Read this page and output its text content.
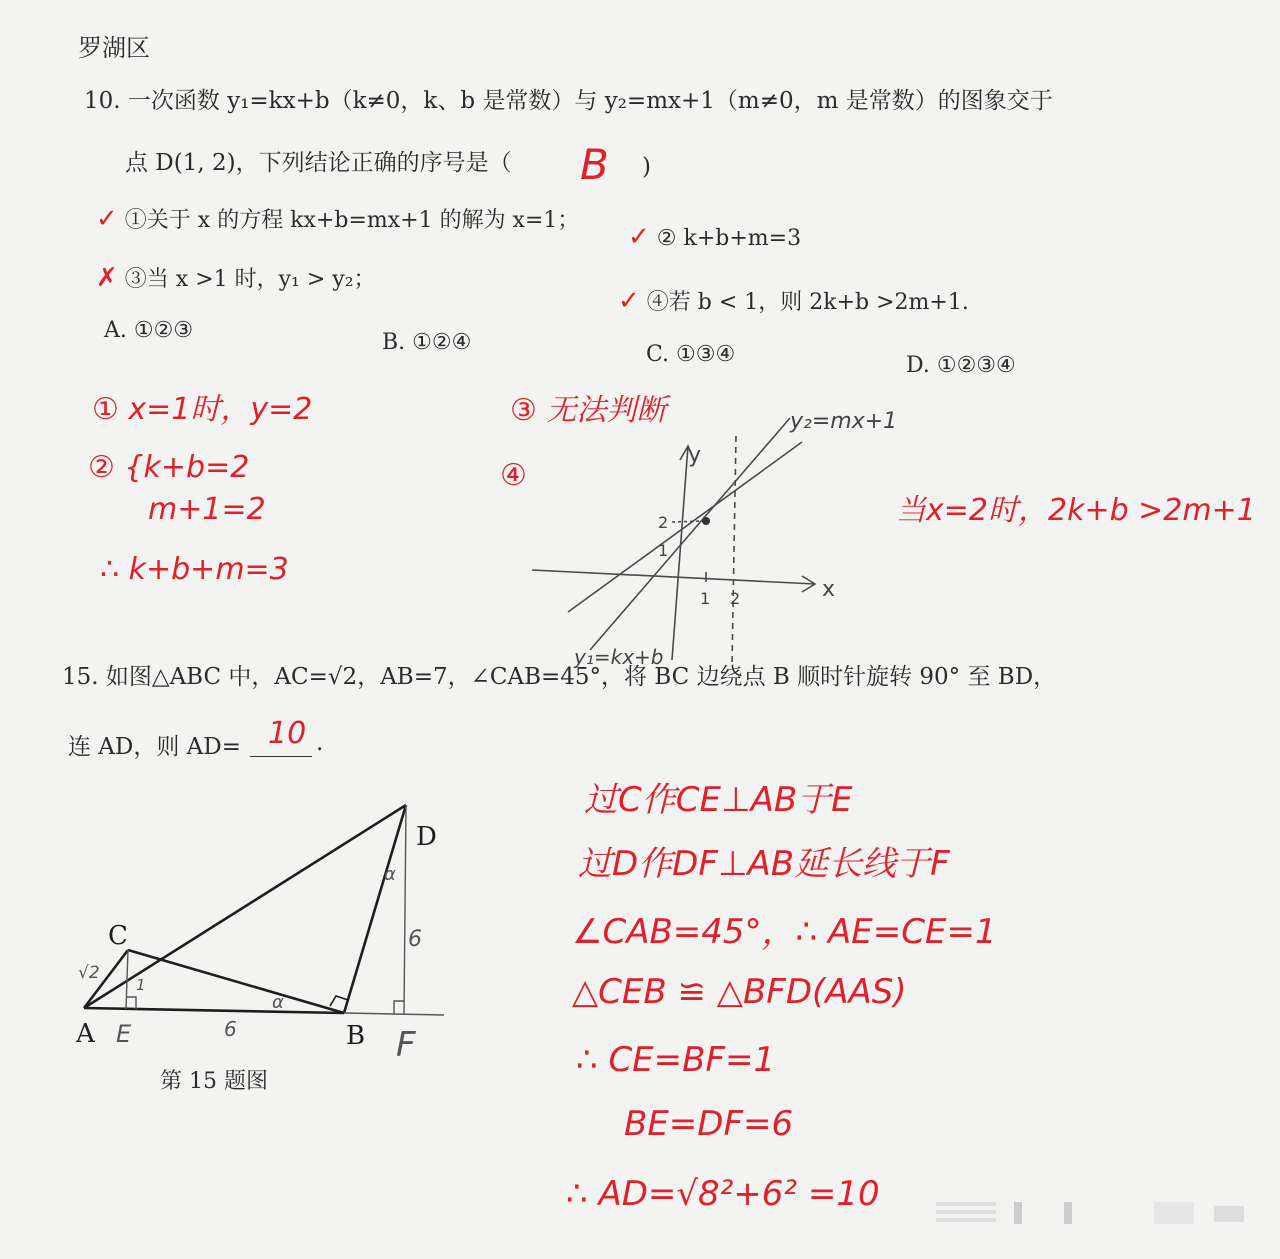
罗湖区
10. 一次函数 y₁=kx+b（k≠0，k、b 是常数）与 y₂=mx+1（m≠0，m 是常数）的图象交于
点 D(1, 2)，下列结论正确的序号是（ B )
✓ ①关于 x 的方程 kx+b=mx+1 的解为 x=1；
✓ ② k+b+m=3
✗ ③当 x >1 时，y₁ > y₂；
✓ ④若 b < 1，则 2k+b >2m+1.
A. ①②③	B. ①②④	C. ①③④	D. ①②③④
① x=1时，y=2
② {k+b=2
m+1=2
∴ k+b+m=3
③ 无法判断
④
当x=2时，2k+b >2m+1
y
x
1 2
1
2
y₂=mx+1
y₁=kx+b
15. 如图△ABC 中，AC=√2，AB=7，∠CAB=45°，将 BC 边绕点 B 顺时针旋转 90° 至 BD，
连 AD，则 AD= 10 .
C
D
A	B
E	F
√2
1
6
6
α
α
第 15 题图
过C作CE⊥AB于E
过D作DF⊥AB延长线于F
∠CAB=45°，∴ AE=CE=1
△CEB ≌ △BFD(AAS)
∴ CE=BF=1
BE=DF=6
∴ AD=√8²+6² =10
